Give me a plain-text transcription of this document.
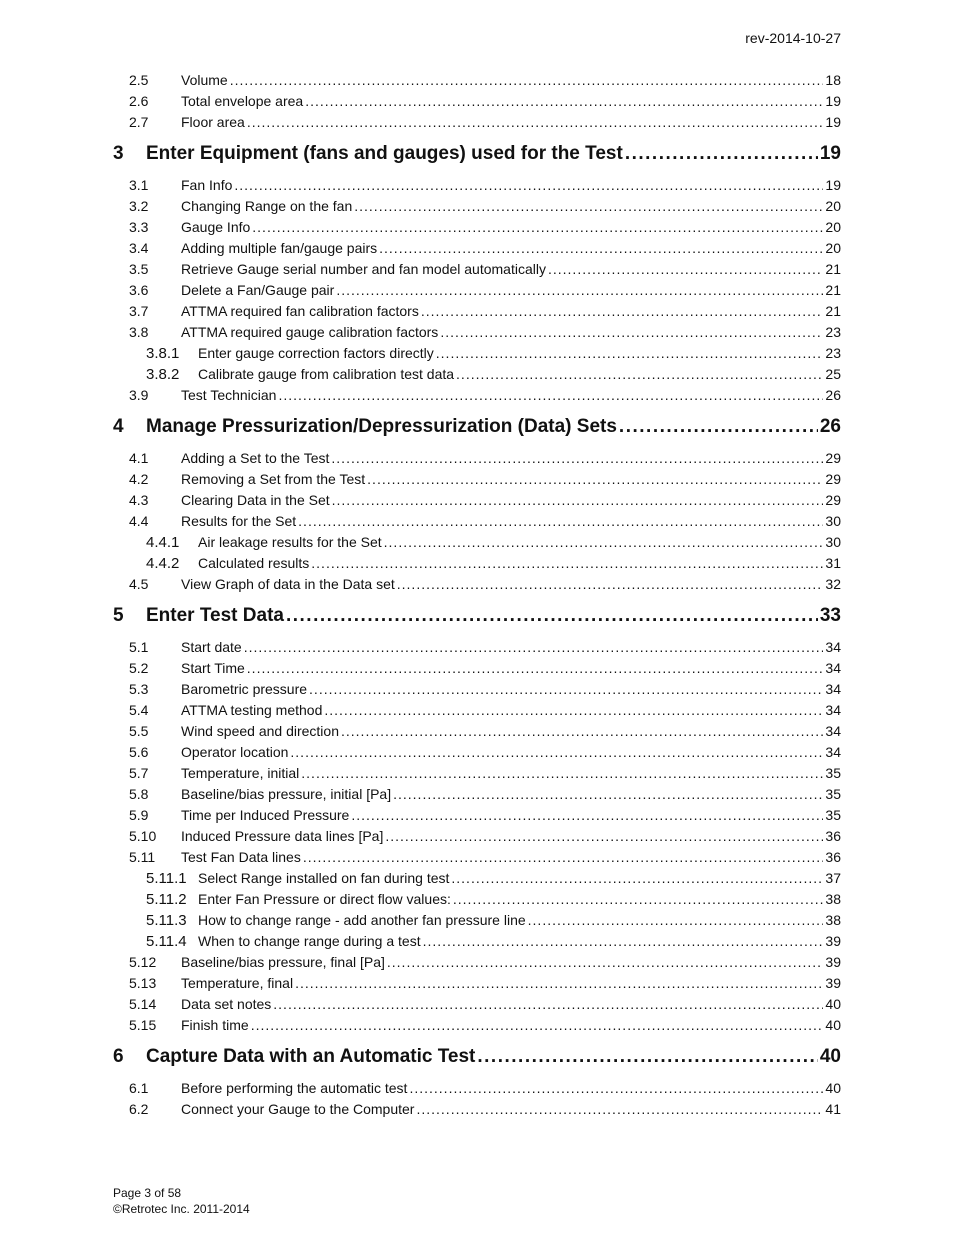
rev-2014-10-27
2.5	Volume .....	18
2.6	Total envelope area .....	19
2.7	Floor area .....	19
3	Enter Equipment (fans and gauges) used for the Test .....	19
3.1	Fan Info .....	19
3.2	Changing Range on the fan .....	20
3.3	Gauge Info .....	20
3.4	Adding multiple fan/gauge pairs .....	20
3.5	Retrieve Gauge serial number and fan model automatically .....	21
3.6	Delete a Fan/Gauge pair .....	21
3.7	ATTMA required fan calibration factors .....	21
3.8	ATTMA required gauge calibration factors .....	23
3.8.1	Enter gauge correction factors directly .....	23
3.8.2	Calibrate gauge from calibration test data .....	25
3.9	Test Technician .....	26
4	Manage Pressurization/Depressurization (Data) Sets .....	26
4.1	Adding a Set to the Test .....	29
4.2	Removing a Set from the Test .....	29
4.3	Clearing Data in the Set .....	29
4.4	Results for the Set .....	30
4.4.1	Air leakage results for the Set .....	30
4.4.2	Calculated results .....	31
4.5	View Graph of data in the Data set .....	32
5	Enter Test Data .....	33
5.1	Start date .....	34
5.2	Start Time .....	34
5.3	Barometric pressure .....	34
5.4	ATTMA testing method .....	34
5.5	Wind speed and direction .....	34
5.6	Operator location .....	34
5.7	Temperature, initial .....	35
5.8	Baseline/bias pressure, initial [Pa] .....	35
5.9	Time per Induced Pressure .....	35
5.10	Induced Pressure data lines [Pa] .....	36
5.11	Test Fan Data lines .....	36
5.11.1 Select Range installed on fan during test .....	37
5.11.2 Enter Fan Pressure or direct flow values: .....	38
5.11.3 How to change range - add another fan pressure line .....	38
5.11.4 When to change range during a test .....	39
5.12	Baseline/bias pressure, final [Pa] .....	39
5.13	Temperature, final .....	39
5.14	Data set notes .....	40
5.15	Finish time .....	40
6	Capture Data with an Automatic Test .....	40
6.1	Before performing the automatic test .....	40
6.2	Connect your Gauge to the Computer .....	41
Page 3 of 58
©Retrotec Inc. 2011-2014
